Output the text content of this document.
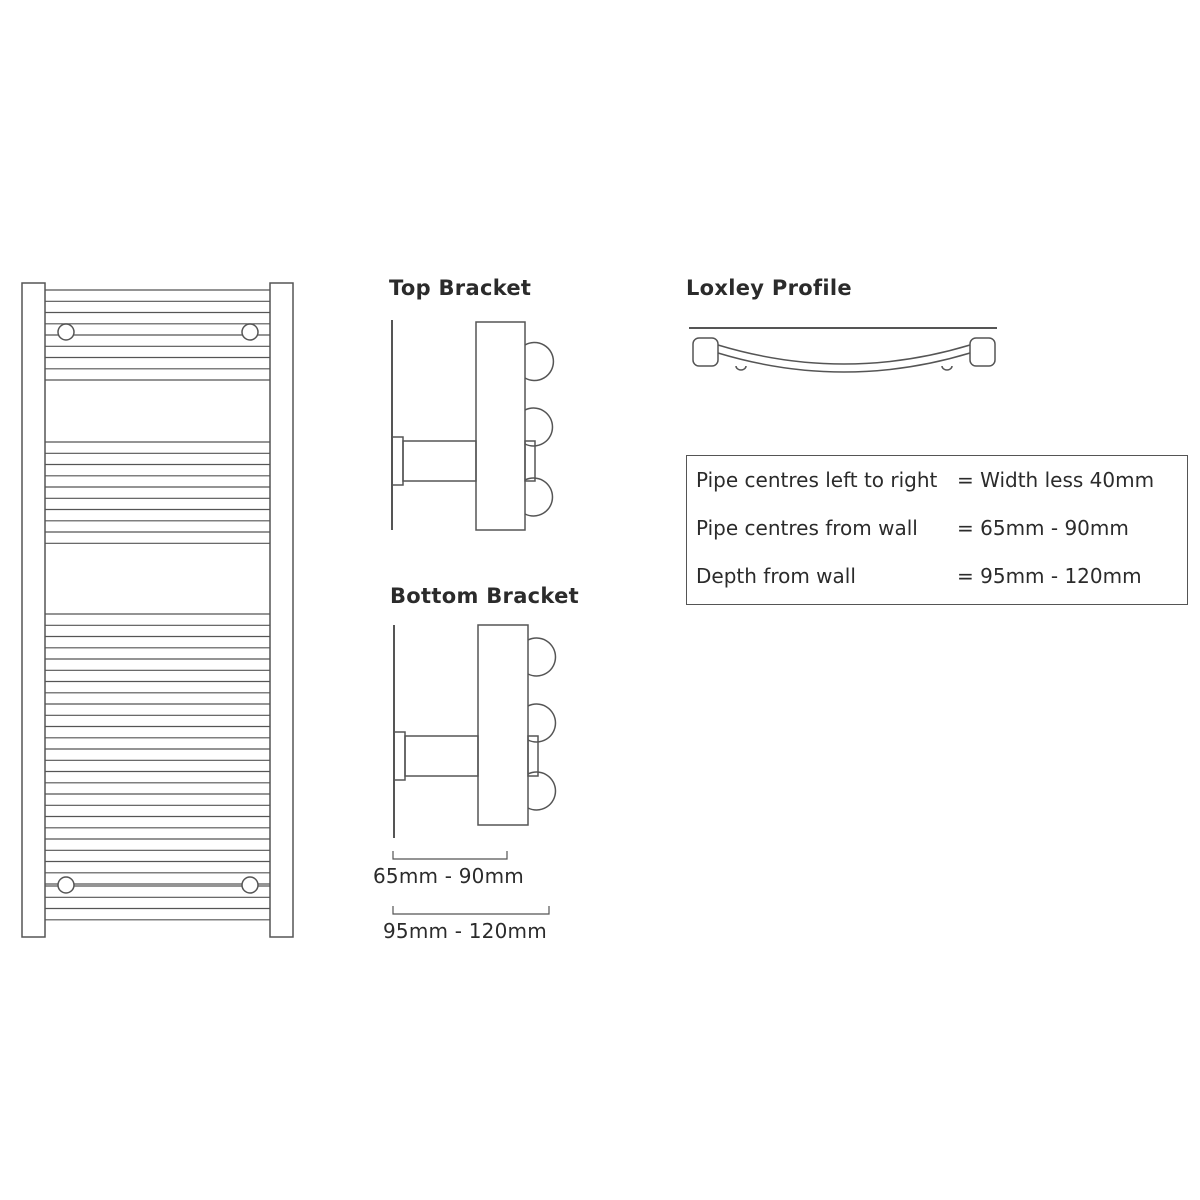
Top Bracket

Bottom Bracket

Loxley Profile

65mm - 90mm

95mm - 120mm

Pipe centres left to right = Width less 40mm
Pipe centres from wall = 65mm - 90mm
Depth from wall	= 95mm - 120mm
